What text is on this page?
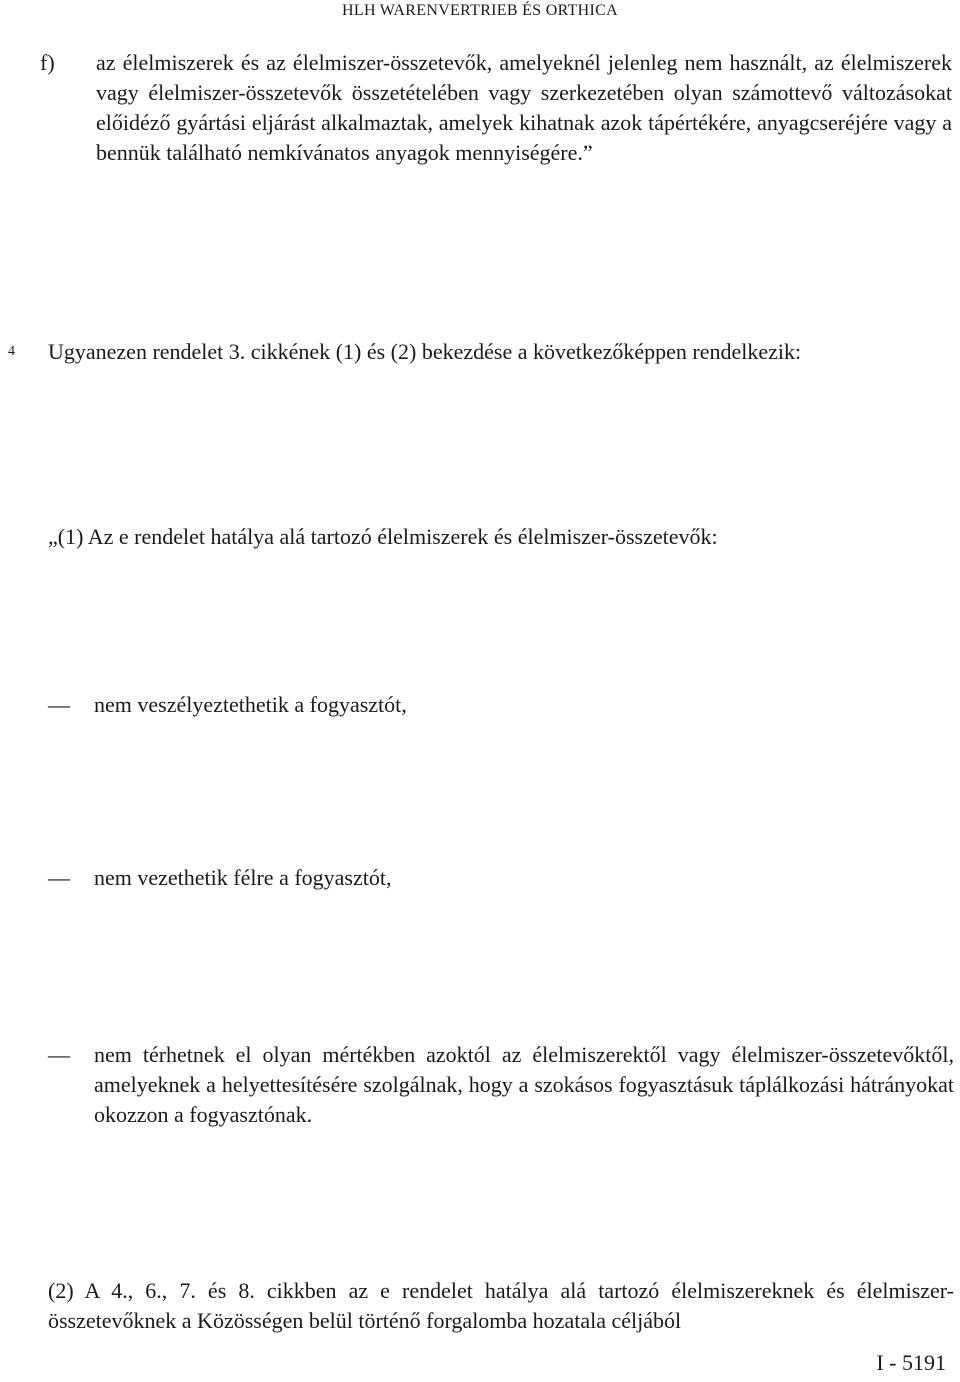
HLH WARENVERTRIEB ÉS ORTHICA
f) az élelmiszerek és az élelmiszer-összetevők, amelyeknél jelenleg nem használt, az élelmiszerek vagy élelmiszer-összetevők összetételében vagy szerkezetében olyan számottevő változásokat előidéző gyártási eljárást alkalmaztak, amelyek kihatnak azok tápértékére, anyagcseréjére vagy a bennük található nemkívánatos anyagok mennyiségére.”
4 Ugyanezen rendelet 3. cikkének (1) és (2) bekezdése a következőképpen rendelkezik:
„(1) Az e rendelet hatálya alá tartozó élelmiszerek és élelmiszer-összetevők:
— nem veszélyeztethetik a fogyasztót,
— nem vezethetik félre a fogyasztót,
— nem térhetnek el olyan mértékben azoktól az élelmiszerektől vagy élelmiszer-összetevőktől, amelyeknek a helyettesítésére szolgálnak, hogy a szokásos fogyasztásuk táplálkozási hátrányokat okozzon a fogyasztónak.
(2) A 4., 6., 7. és 8. cikkben az e rendelet hatálya alá tartozó élelmiszereknek és élelmiszer-összetevőknek a Közösségen belül történő forgalomba hozatala céljából
I - 5191
